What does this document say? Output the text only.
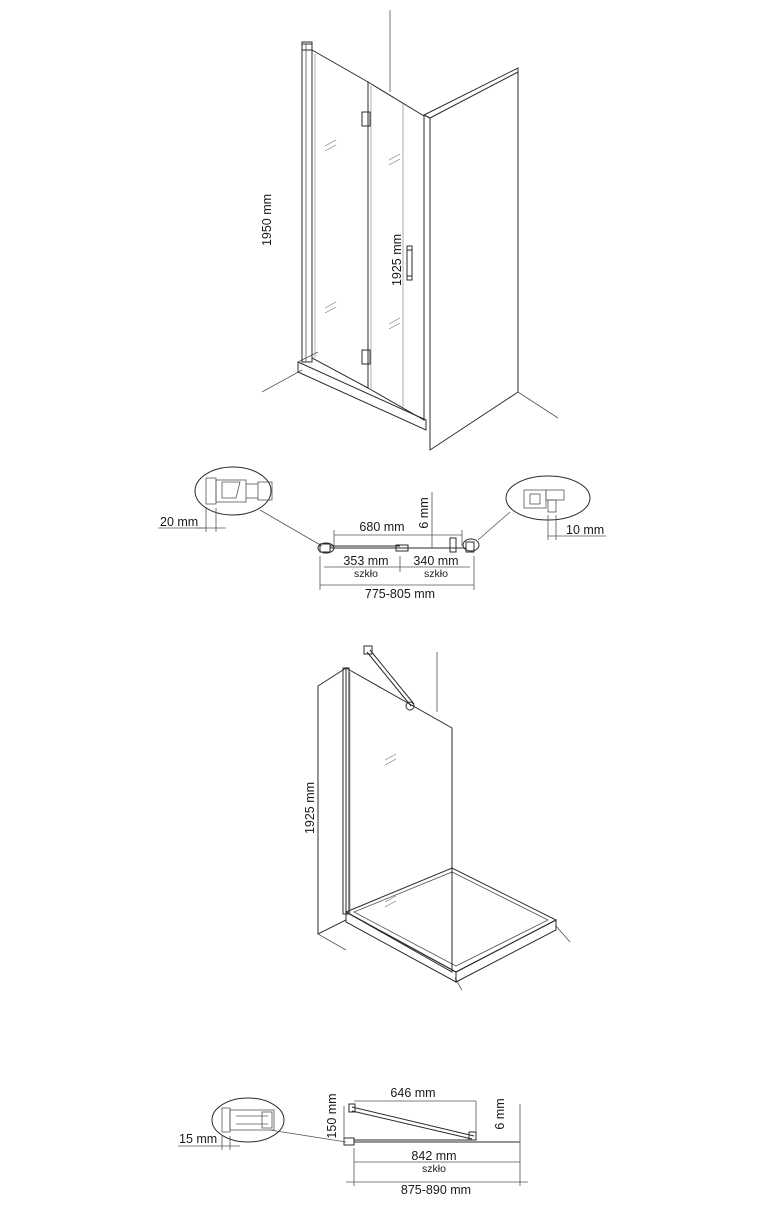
1950 mm
1925 mm
20 mm
10 mm
680 mm 6 mm
353 mm
szkło
340 mm
szkło
775-805 mm
1925 mm
15 mm
150 mm
646 mm
6 mm
842 mm
szkło
875-890 mm
